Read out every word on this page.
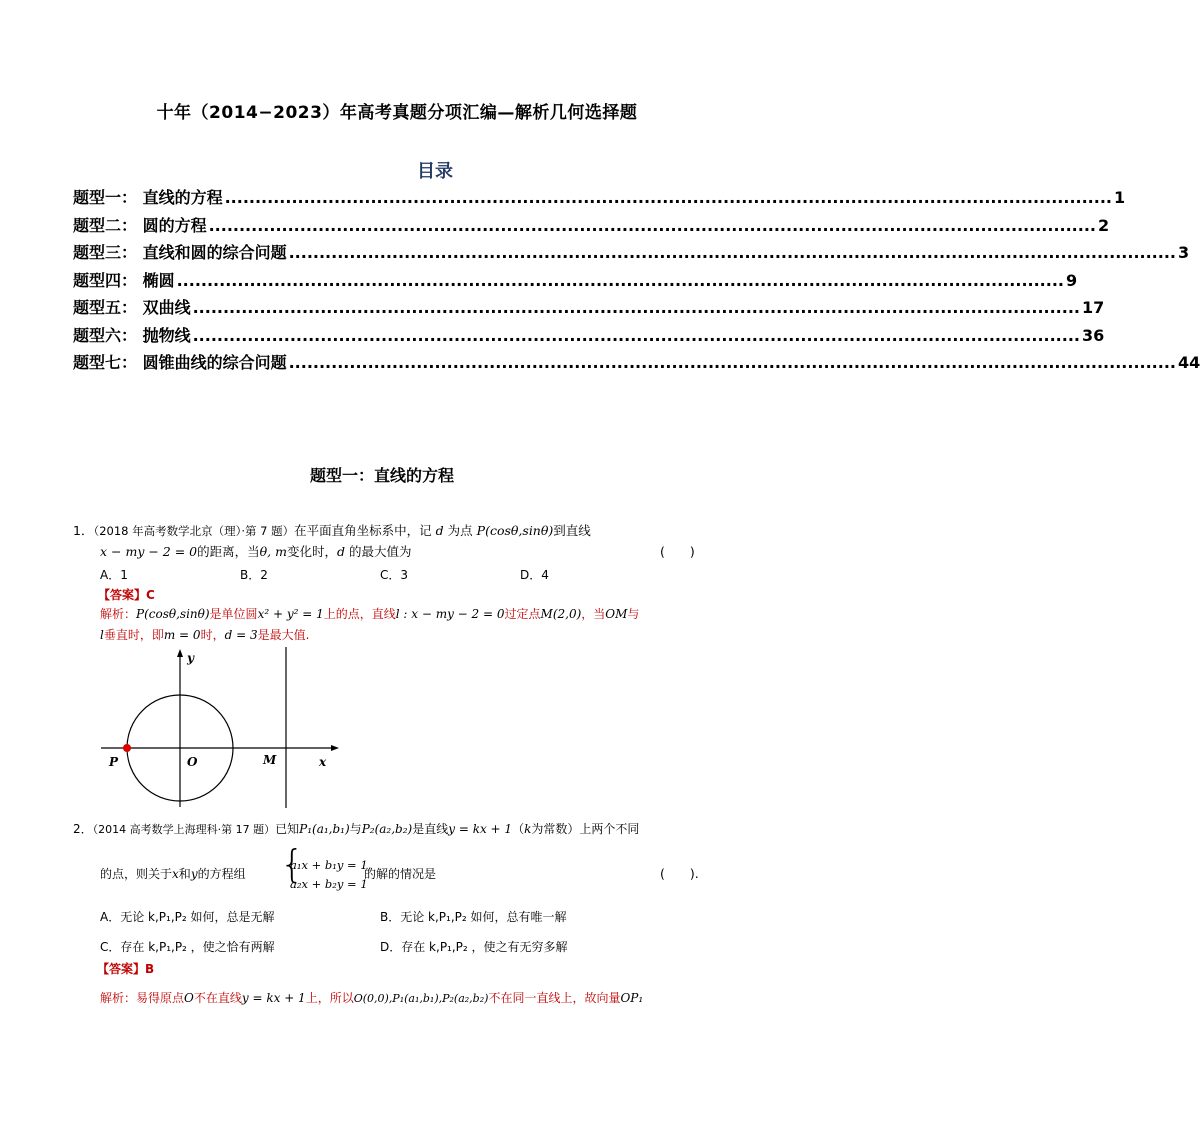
十年（2014−2023）年高考真题分项汇编—解析几何选择题
目录
题型一： 直线的方程 .................................................................................................................................................. 1
题型二： 圆的方程 .................................................................................................................................................. 2
题型三： 直线和圆的综合问题 .................................................................................................................................................. 3
题型四： 椭圆 .................................................................................................................................................. 9
题型五： 双曲线 .................................................................................................................................................. 17
题型六： 抛物线 .................................................................................................................................................. 36
题型七： 圆锥曲线的综合问题 .................................................................................................................................................. 44
题型一：直线的方程
1．（2018 年高考数学北京（理）·第 7 题）在平面直角坐标系中，记 d 为点 P(cosθ,sinθ)到直线
x − my − 2 = 0的距离，当θ, m变化时，d 的最大值为	(　　)
A．1	B．2	C．3	D．4
【答案】C
解析：P(cosθ,sinθ)是单位圆x² + y² = 1上的点，直线l : x − my − 2 = 0过定点M(2,0)，当OM与
l垂直时，即m = 0时，d = 3是最大值.
y
x
P	O	M
2．（2014 高考数学上海理科·第 17 题）已知P₁(a₁,b₁)与P₂(a₂,b₂)是直线y = kx + 1（k为常数）上两个不同
的点，则关于x和y的方程组 {
a₁x + b₁y = 1,
a₂x + b₂y = 1
的解的情况是	(　　).
A．无论 k,P₁,P₂ 如何，总是无解	B．无论 k,P₁,P₂ 如何，总有唯一解
C．存在 k,P₁,P₂ ，使之恰有两解	D．存在 k,P₁,P₂ ，使之有无穷多解
【答案】B
解析：易得原点O不在直线y = kx + 1上，所以O(0,0),P₁(a₁,b₁),P₂(a₂,b₂)不在同一直线上，故向量OP₁
